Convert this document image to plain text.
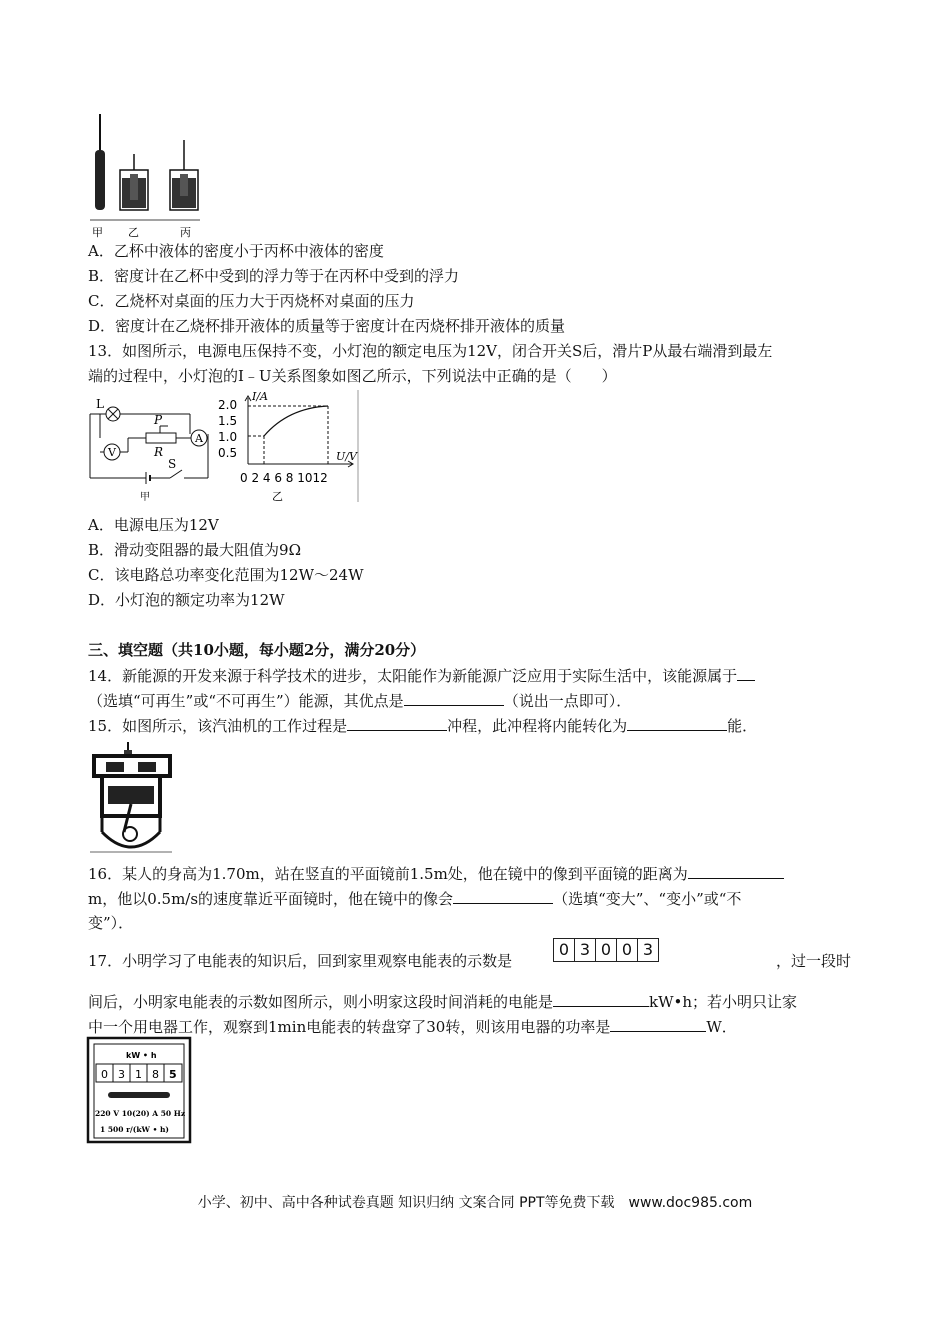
甲 乙	丙
A．乙杯中液体的密度小于丙杯中液体的密度
B．密度计在乙杯中受到的浮力等于在丙杯中受到的浮力
C．乙烧杯对桌面的压力大于丙烧杯对桌面的压力
D．密度计在乙烧杯排开液体的质量等于密度计在丙烧杯排开液体的质量
13．如图所示，电源电压保持不变，小灯泡的额定电压为12V，闭合开关S后，滑片P从最右端滑到最左
端的过程中，小灯泡的I﹣U关系图象如图乙所示，下列说法中正确的是（　　）
L
V
P
R
A
S
甲
I/A
U/V
2.0
1.5
1.0
0.5
0 2 4 6 8 1012
乙
A．电源电压为12V
B．滑动变阻器的最大阻值为9Ω
C．该电路总功率变化范围为12W～24W
D．小灯泡的额定功率为12W
三、填空题（共10小题，每小题2分，满分20分）
14．新能源的开发来源于科学技术的进步，太阳能作为新能源广泛应用于实际生活中，该能源属于
（选填“可再生”或“不可再生”）能源，其优点是	（说出一点即可）．
15．如图所示，该汽油机的工作过程是	冲程，此冲程将内能转化为	能．
16．某人的身高为1.70m，站在竖直的平面镜前1.5m处，他在镜中的像到平面镜的距离为
m，他以0.5m/s的速度靠近平面镜时，他在镜中的像会	（选填“变大”、“变小”或“不
变”）．
17．小明学习了电能表的知识后，回到家里观察电能表的示数是
0 3 0 0 3
，过一段时
间后，小明家电能表的示数如图所示，则小明家这段时间消耗的电能是	kW•h；若小明只让家
中一个用电器工作，观察到1min电能表的转盘穿了30转，则该用电器的功率是	W．
kW • h
0 3 1 8 5
220 V 10(20) A 50 Hz
1 500 r/(kW • h)
小学、初中、高中各种试卷真题 知识归纳 文案合同 PPT等免费下载　www.doc985.com
